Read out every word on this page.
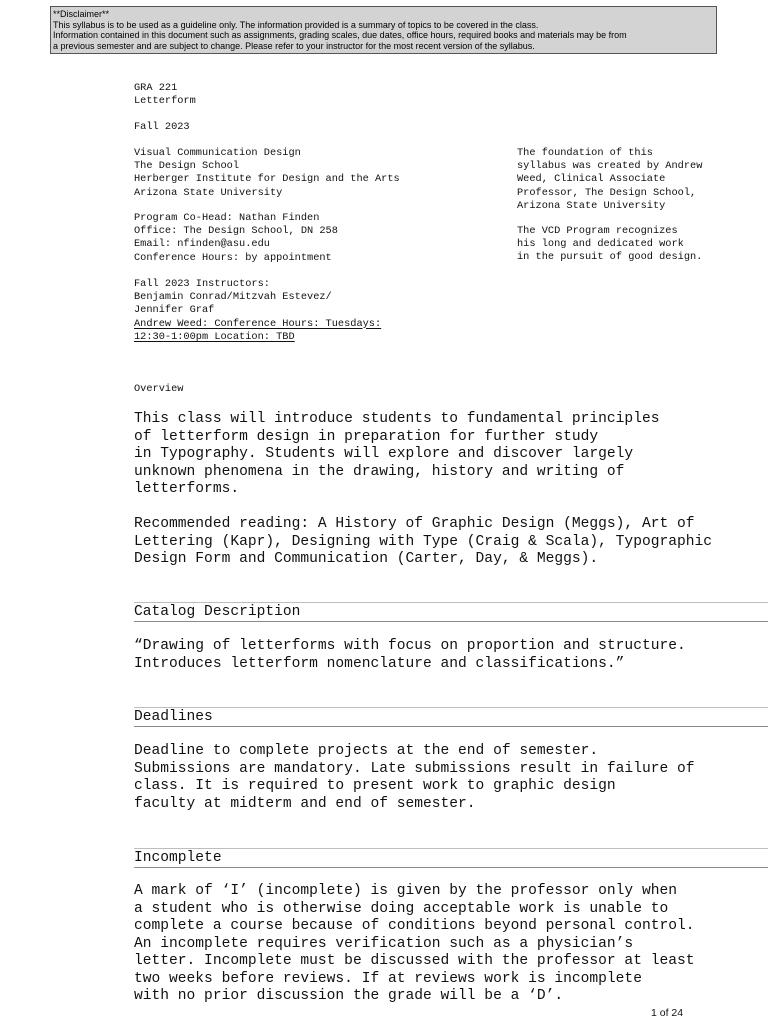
**Disclaimer**
This syllabus is to be used as a guideline only. The information provided is a summary of topics to be covered in the class.
Information contained in this document such as assignments, grading scales, due dates, office hours, required books and materials may be from
a previous semester and are subject to change. Please refer to your instructor for the most recent version of the syllabus.
GRA 221
Letterform
Fall 2023
Visual Communication Design
The Design School
Herberger Institute for Design and the Arts
Arizona State University
Program Co-Head: Nathan Finden
Office: The Design School, DN 258
Email: nfinden@asu.edu
Conference Hours: by appointment
Fall 2023 Instructors:
Benjamin Conrad/Mitzvah Estevez/
Jennifer Graf
Andrew Weed: Conference Hours: Tuesdays:
12:30-1:00pm Location: TBD
The foundation of this
syllabus was created by Andrew
Weed, Clinical Associate
Professor, The Design School,
Arizona State University
The VCD Program recognizes
his long and dedicated work
in the pursuit of good design.
Overview
This class will introduce students to fundamental principles
of letterform design in preparation for further study
in Typography. Students will explore and discover largely
unknown phenomena in the drawing, history and writing of
letterforms.
Recommended reading: A History of Graphic Design (Meggs), Art of
Lettering (Kapr), Designing with Type (Craig & Scala), Typographic
Design Form and Communication (Carter, Day, & Meggs).
Catalog Description
“Drawing of letterforms with focus on proportion and structure.
Introduces letterform nomenclature and classifications.”
Deadlines
Deadline to complete projects at the end of semester.
Submissions are mandatory. Late submissions result in failure of
class. It is required to present work to graphic design
faculty at midterm and end of semester.
Incomplete
A mark of ‘I’ (incomplete) is given by the professor only when
a student who is otherwise doing acceptable work is unable to
complete a course because of conditions beyond personal control.
An incomplete requires verification such as a physician’s
letter. Incomplete must be discussed with the professor at least
two weeks before reviews. If at reviews work is incomplete
with no prior discussion the grade will be a ‘D’.
1 of 24
